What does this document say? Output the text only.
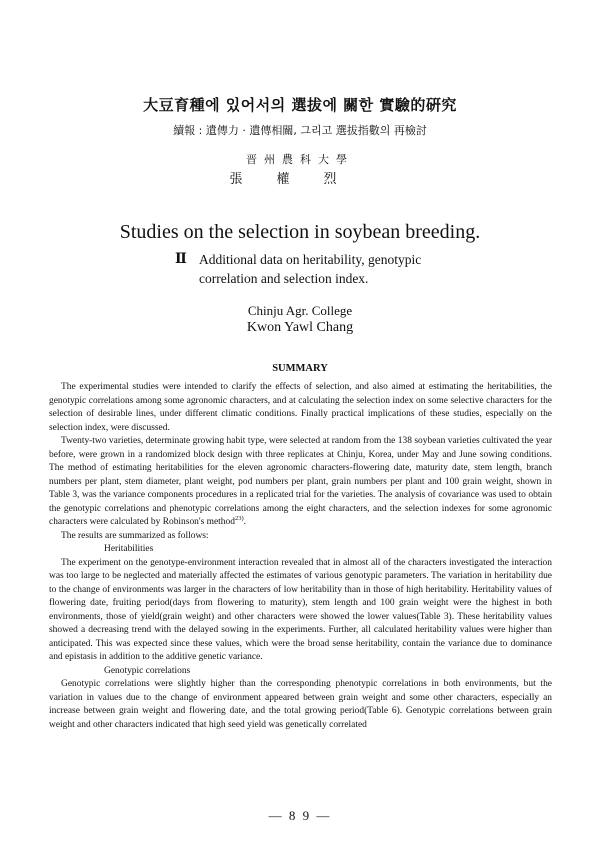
大豆育種에 있어서의 選拔에 關한 實驗的硏究
續報 : 遺傳力 · 遺傳相關, 그리고 選拔指數의 再檢討
晋州農科大學
張權烈
Studies on the selection in soybean breeding.
Ⅱ Additional data on heritability, genotypic
correlation and selection index.
Chinju Agr. College
Kwon Yawl Chang
SUMMARY

The experimental studies were intended to clarify the effects of selection, and also aimed at estimating the heritabilities, the genotypic correlations among some agronomic characters, and at calculating the selection index on some selective characters for the selection of desirable lines, under different climatic conditions. Finally practical implications of these studies, especially on the selection index, were discussed.

Twenty-two varieties, determinate growing habit type, were selected at random from the 138 soybean varieties cultivated the year before, were grown in a randomized block design with three replicates at Chinju, Korea, under May and June sowing conditions. The method of estimating heritabilities for the eleven agronomic characters-flowering date, maturity date, stem length, branch numbers per plant, stem diameter, plant weight, pod numbers per plant, grain numbers per plant and 100 grain weight, shown in Table 3, was the variance components procedures in a replicated trial for the varieties. The analysis of covariance was used to obtain the genotypic correlations and phenotypic correlations among the eight characters, and the selection indexes for some agronomic characters were calculated by Robinson's method$^{23)}$.

The results are summarized as follows:

Heritabilities

The experiment on the genotype-environment interaction revealed that in almost all of the characters investigated the interaction was too large to be neglected and materially affected the estimates of various genotypic parameters. The variation in heritability due to the change of environments was larger in the characters of low heritability than in those of high heritability. Heritability values of flowering date, fruiting period(days from flowering to maturity), stem length and 100 grain weight were the highest in both environments, those of yield(grain weight) and other characters were showed the lower values(Table 3). These heritability values showed a decreasing trend with the delayed sowing in the experiments. Further, all calculated heritability values were higher than anticipated. This was expected since these values, which were the broad sense heritability, contain the variance due to dominance and epistasis in addition to the additive genetic variance.

Genotypic correlations

Genotypic correlations were slightly higher than the corresponding phenotypic correlations in both environments, but the variation in values due to the change of environment appeared between grain weight and some other characters, especially an increase between grain weight and flowering date, and the total growing period(Table 6). Genotypic correlations between grain weight and other characters indicated that high seed yield was genetically correlated

— 8 9 —
